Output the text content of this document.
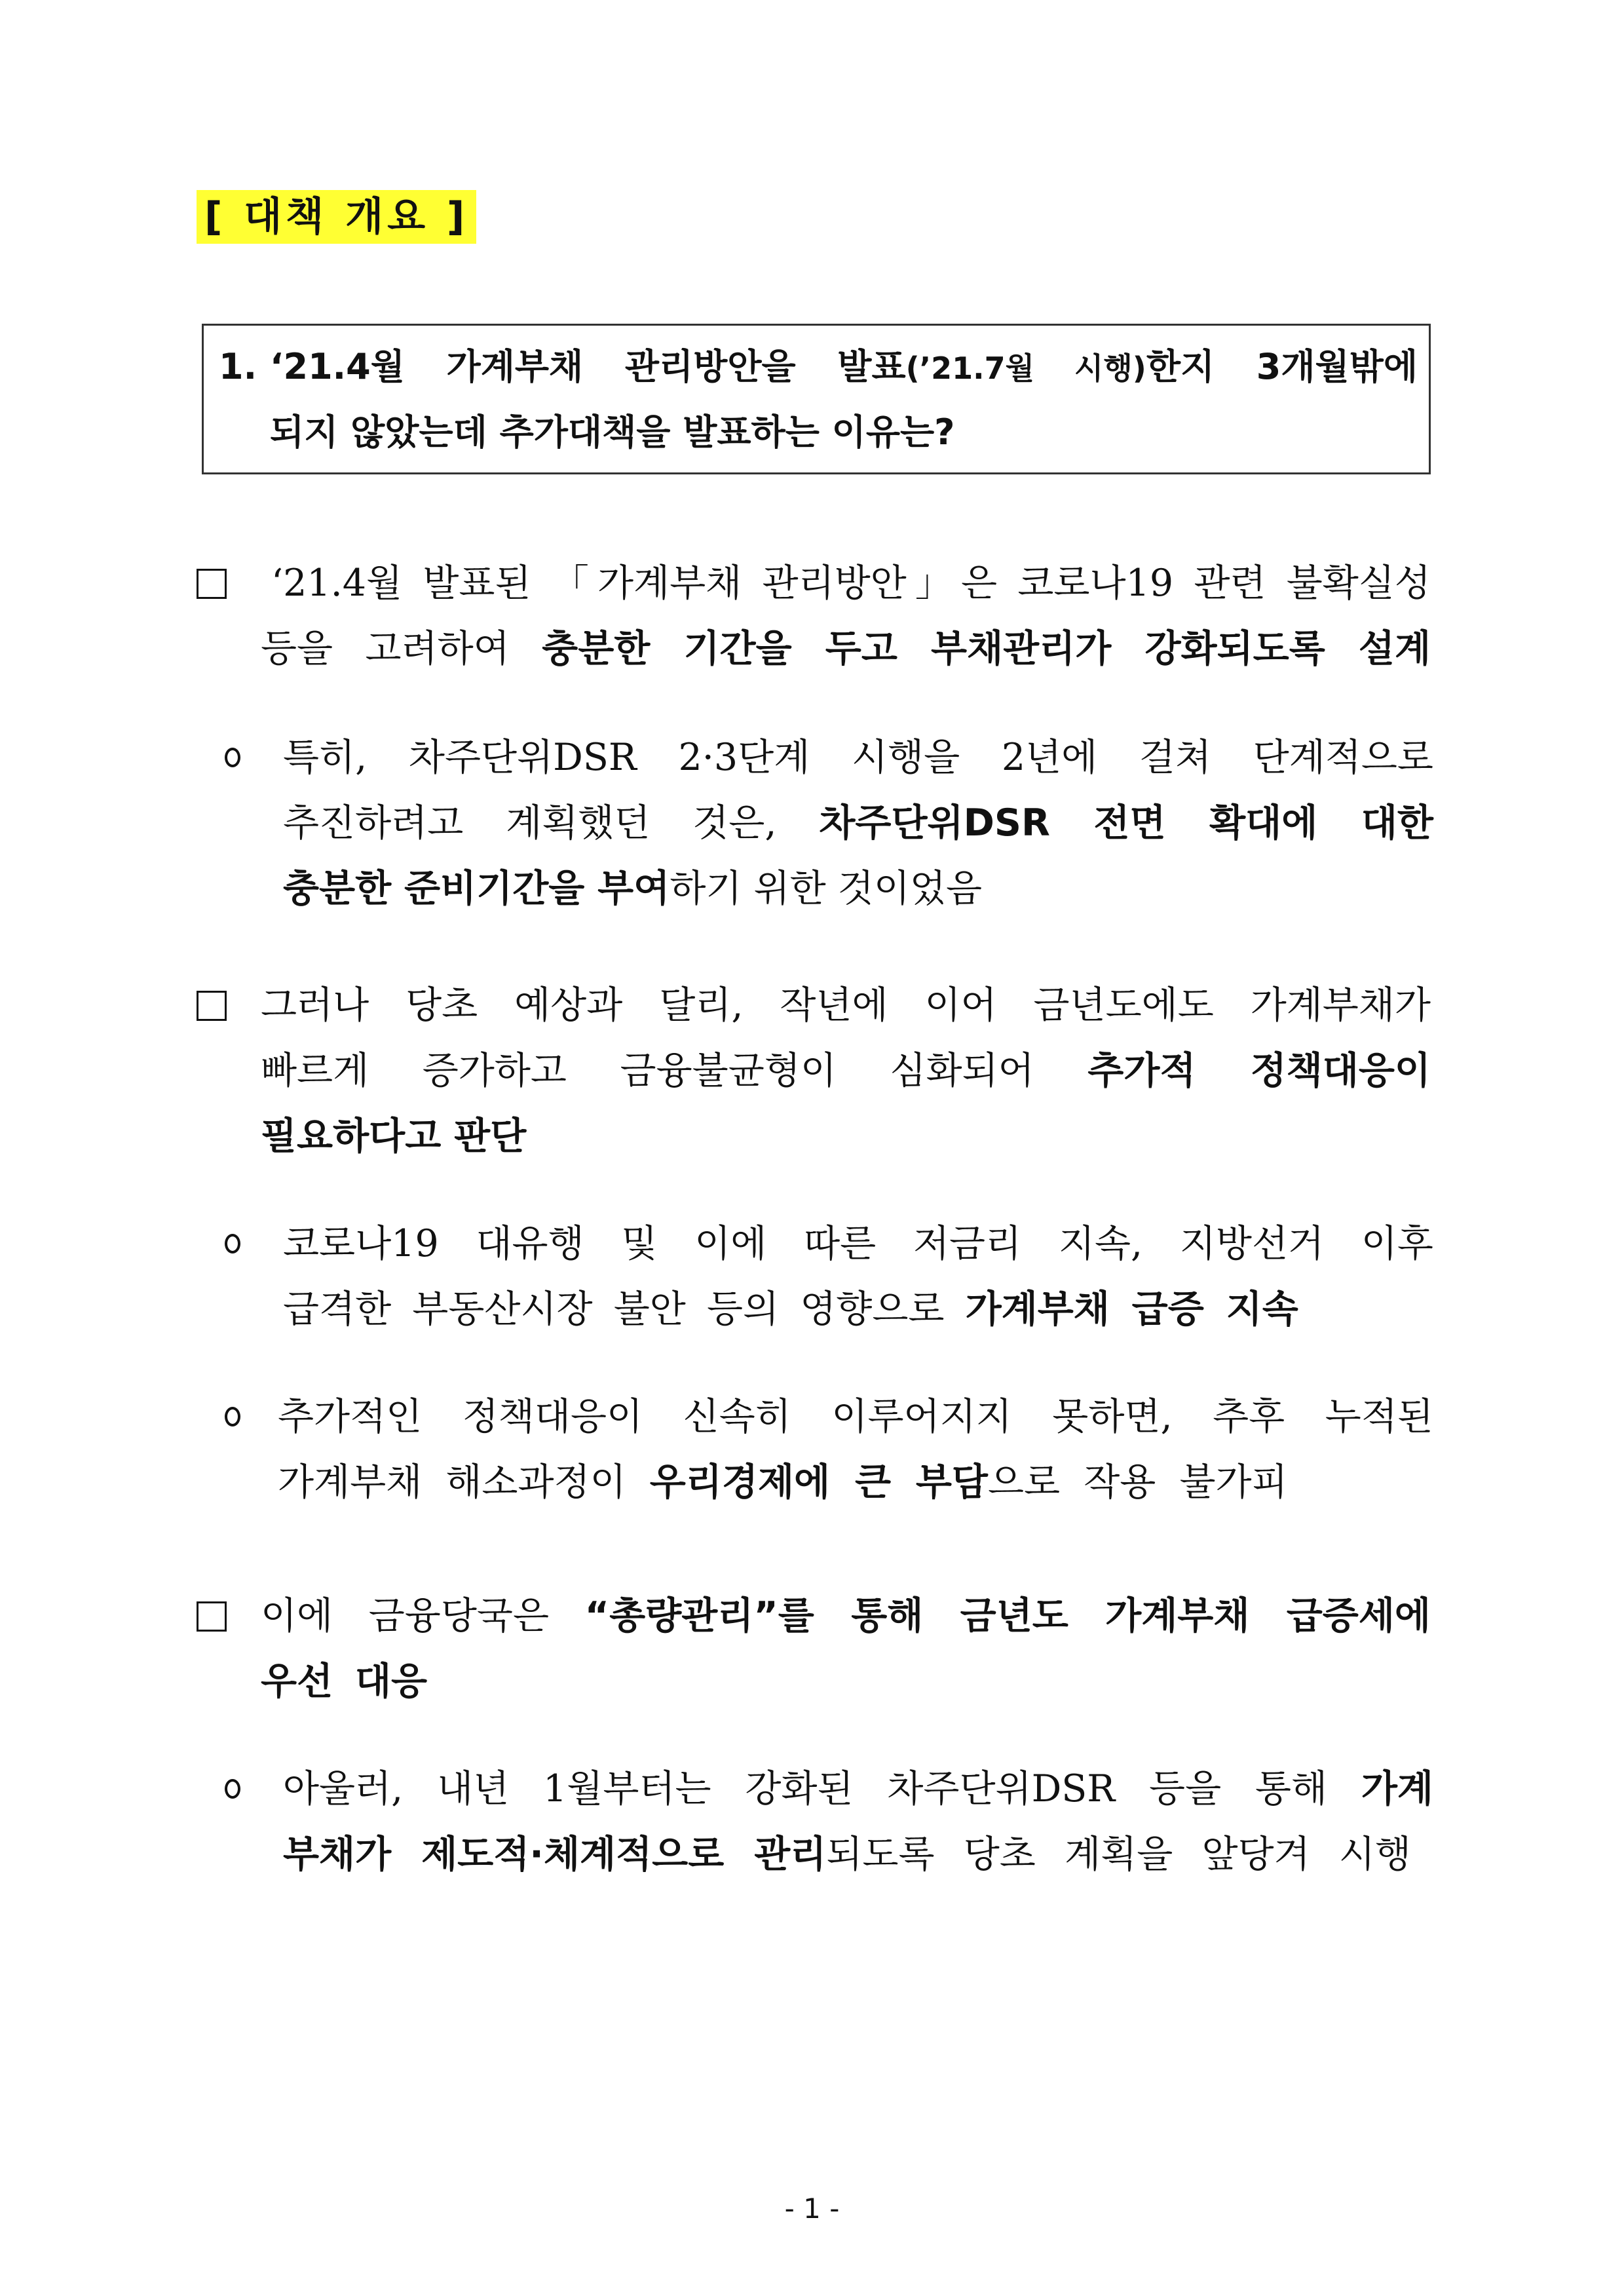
[ 대책 개요 ]
1. ‘21.4월 가계부채 관리방안을 발표(’21.7월 시행)한지 3개월밖에
되지 않았는데 추가대책을 발표하는 이유는?
‘21.4월 발표된 「가계부채 관리방안」은 코로나19 관련 불확실성
등을 고려하여 충분한 기간을 두고 부채관리가 강화되도록 설계
특히, 차주단위DSR 2·3단계 시행을 2년에 걸쳐 단계적으로
추진하려고 계획했던 것은, 차주단위DSR 전면 확대에 대한
충분한 준비기간을 부여하기 위한 것이었음
그러나 당초 예상과 달리, 작년에 이어 금년도에도 가계부채가
빠르게 증가하고 금융불균형이 심화되어 추가적 정책대응이
필요하다고 판단
코로나19 대유행 및 이에 따른 저금리 지속, 지방선거 이후
급격한 부동산시장 불안 등의 영향으로 가계부채 급증 지속
추가적인 정책대응이 신속히 이루어지지 못하면, 추후 누적된
가계부채 해소과정이 우리경제에 큰 부담으로 작용 불가피
이에 금융당국은 “총량관리”를 통해 금년도 가계부채 급증세에
우선 대응
아울러, 내년 1월부터는 강화된 차주단위DSR 등을 통해 가계
부채가 제도적·체계적으로 관리되도록 당초 계획을 앞당겨 시행
- 1 -
